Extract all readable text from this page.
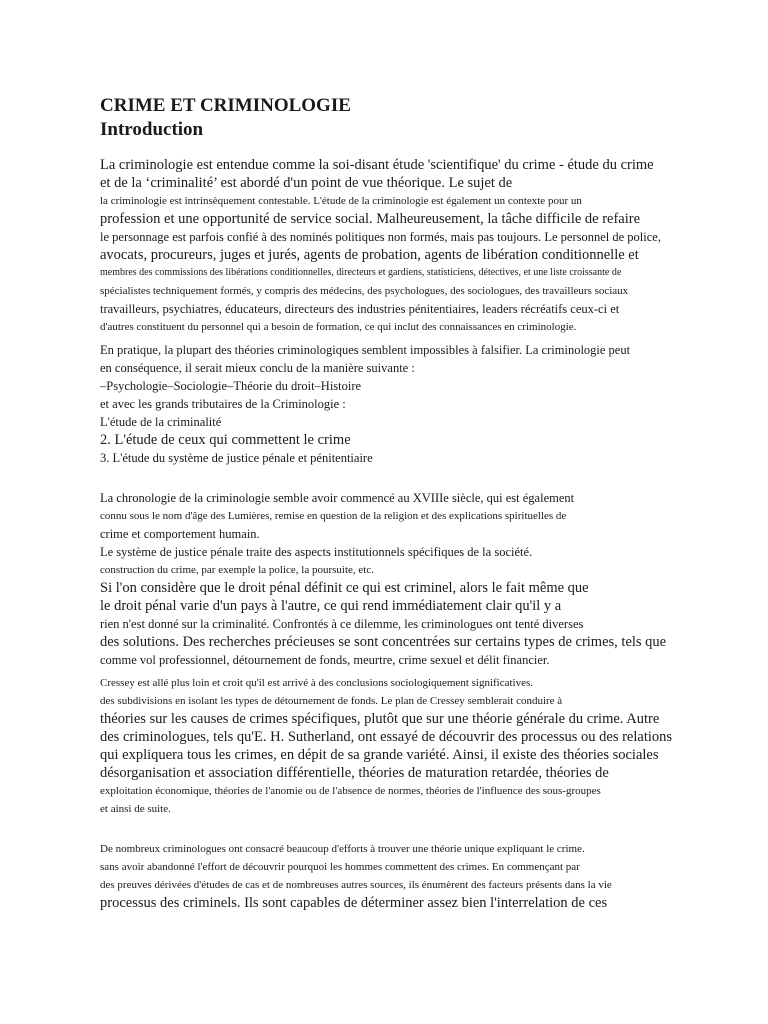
CRIME ET CRIMINOLOGIE
Introduction

La criminologie est entendue comme la soi-disant étude 'scientifique' du crime - étude du crime
et de la ‘criminalité’ est abordé d'un point de vue théorique. Le sujet de
la criminologie est intrinsèquement contestable. L'étude de la criminologie est également un contexte pour un
profession et une opportunité de service social. Malheureusement, la tâche difficile de refaire
le personnage est parfois confié à des nominés politiques non formés, mais pas toujours. Le personnel de police,
avocats, procureurs, juges et jurés, agents de probation, agents de libération conditionnelle et
membres des commissions des libérations conditionnelles, directeurs et gardiens, statisticiens, détectives, et une liste croissante de
spécialistes techniquement formés, y compris des médecins, des psychologues, des sociologues, des travailleurs sociaux
travailleurs, psychiatres, éducateurs, directeurs des industries pénitentiaires, leaders récréatifs ceux-ci et
d'autres constituent du personnel qui a besoin de formation, ce qui inclut des connaissances en criminologie.

En pratique, la plupart des théories criminologiques semblent impossibles à falsifier. La criminologie peut
en conséquence, il serait mieux conclu de la manière suivante :
–Psychologie–Sociologie–Théorie du droit–Histoire
et avec les grands tributaires de la Criminologie :
L'étude de la criminalité
2. L'étude de ceux qui commettent le crime
3. L'étude du système de justice pénale et pénitentiaire

La chronologie de la criminologie semble avoir commencé au XVIIIe siècle, qui est également
connu sous le nom d'âge des Lumières, remise en question de la religion et des explications spirituelles de
crime et comportement humain.
Le système de justice pénale traite des aspects institutionnels spécifiques de la société.
construction du crime, par exemple la police, la poursuite, etc.
Si l'on considère que le droit pénal définit ce qui est criminel, alors le fait même que
le droit pénal varie d'un pays à l'autre, ce qui rend immédiatement clair qu'il y a
rien n'est donné sur la criminalité. Confrontés à ce dilemme, les criminologues ont tenté diverses
des solutions. Des recherches précieuses se sont concentrées sur certains types de crimes, tels que
comme vol professionnel, détournement de fonds, meurtre, crime sexuel et délit financier.

Cressey est allé plus loin et croit qu'il est arrivé à des conclusions sociologiquement significatives.
des subdivisions en isolant les types de détournement de fonds. Le plan de Cressey semblerait conduire à
théories sur les causes de crimes spécifiques, plutôt que sur une théorie générale du crime. Autre
des criminologues, tels qu'E. H. Sutherland, ont essayé de découvrir des processus ou des relations
qui expliquera tous les crimes, en dépit de sa grande variété. Ainsi, il existe des théories sociales
désorganisation et association différentielle, théories de maturation retardée, théories de
exploitation économique, théories de l'anomie ou de l'absence de normes, théories de l'influence des sous-groupes
et ainsi de suite.

De nombreux criminologues ont consacré beaucoup d'efforts à trouver une théorie unique expliquant le crime.
sans avoir abandonné l'effort de découvrir pourquoi les hommes commettent des crimes. En commençant par
des preuves dérivées d'études de cas et de nombreuses autres sources, ils énumèrent des facteurs présents dans la vie
processus des criminels. Ils sont capables de déterminer assez bien l'interrelation de ces
